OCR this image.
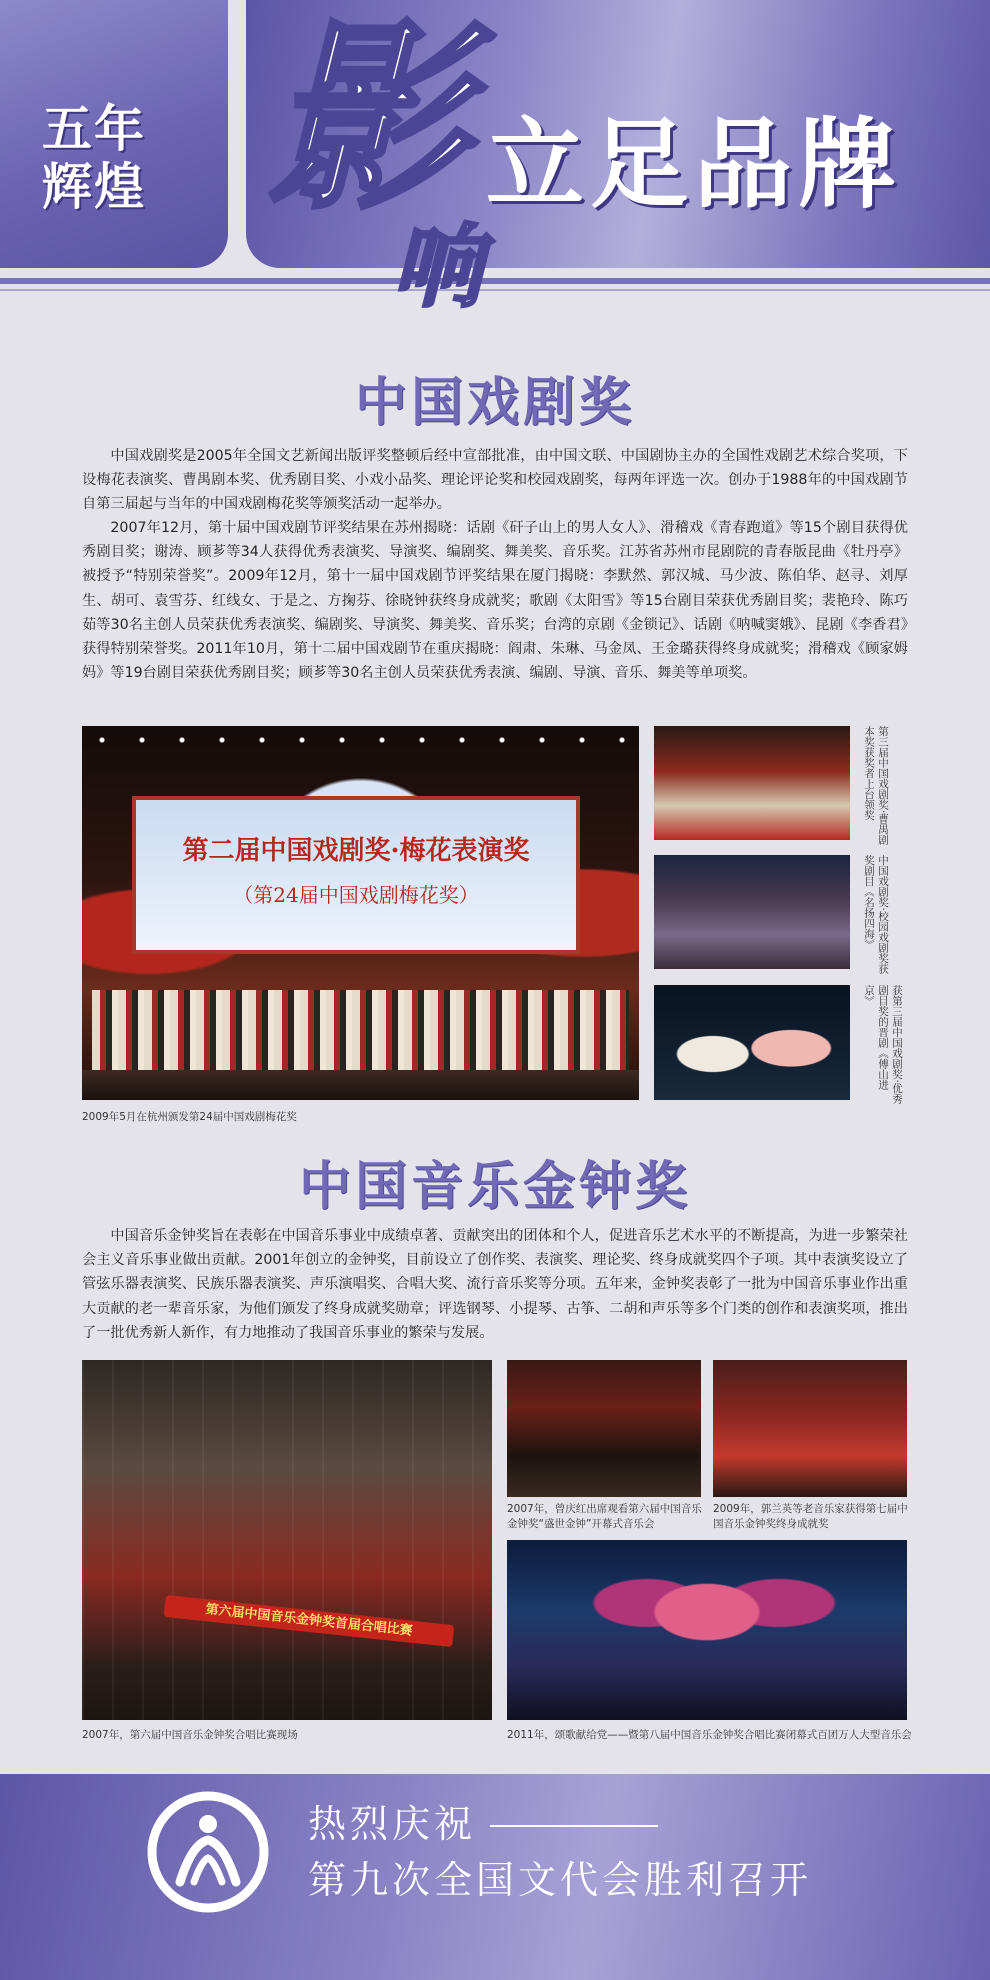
五年
辉煌 影
响
立足品牌
中国戏剧奖

中国戏剧奖是2005年全国文艺新闻出版评奖整顿后经中宣部批准，由中国文联、中国剧协主办的全国性戏剧艺术综合奖项，下设梅花表演奖、曹禺剧本奖、优秀剧目奖、小戏小品奖、理论评论奖和校园戏剧奖，每两年评选一次。创办于1988年的中国戏剧节自第三届起与当年的中国戏剧梅花奖等颁奖活动一起举办。

2007年12月，第十届中国戏剧节评奖结果在苏州揭晓：话剧《矸子山上的男人女人》、滑稽戏《青春跑道》等15个剧目获得优秀剧目奖；谢涛、顾芗等34人获得优秀表演奖、导演奖、编剧奖、舞美奖、音乐奖。江苏省苏州市昆剧院的青春版昆曲《牡丹亭》被授予“特别荣誉奖”。2009年12月，第十一届中国戏剧节评奖结果在厦门揭晓：李默然、郭汉城、马少波、陈伯华、赵寻、刘厚生、胡可、袁雪芬、红线女、于是之、方掬芬、徐晓钟获终身成就奖；歌剧《太阳雪》等15台剧目荣获优秀剧目奖；裴艳玲、陈巧茹等30名主创人员荣获优秀表演奖、编剧奖、导演奖、舞美奖、音乐奖；台湾的京剧《金锁记》、话剧《呐喊窦娥》、昆剧《李香君》获得特别荣誉奖。2011年10月，第十二届中国戏剧节在重庆揭晓：阎肃、朱琳、马金凤、王金璐获得终身成就奖；滑稽戏《顾家姆妈》等19台剧目荣获优秀剧目奖；顾芗等30名主创人员荣获优秀表演、编剧、导演、音乐、舞美等单项奖。

第二届中国戏剧奖·梅花表演奖
（第24届中国戏剧梅花奖）

2009年5月在杭州颁发第24届中国戏剧梅花奖

第三届中国戏剧奖·曹禺剧本奖获奖者上台领奖

中国戏剧奖·校园戏剧奖获奖剧目《名扬四海》

获第三届中国戏剧奖·优秀剧目奖的晋剧《傅山进京》

中国音乐金钟奖

中国音乐金钟奖旨在表彰在中国音乐事业中成绩卓著、贡献突出的团体和个人，促进音乐艺术水平的不断提高，为进一步繁荣社会主义音乐事业做出贡献。2001年创立的金钟奖，目前设立了创作奖、表演奖、理论奖、终身成就奖四个子项。其中表演奖设立了管弦乐器表演奖、民族乐器表演奖、声乐演唱奖、合唱大奖、流行音乐奖等分项。五年来，金钟奖表彰了一批为中国音乐事业作出重大贡献的老一辈音乐家，为他们颁发了终身成就奖勋章；评选钢琴、小提琴、古筝、二胡和声乐等多个门类的创作和表演奖项，推出了一批优秀新人新作，有力地推动了我国音乐事业的繁荣与发展。

第六届中国音乐金钟奖首届合唱比赛

2007年，第六届中国音乐金钟奖合唱比赛现场

2007年，曾庆红出席观看第六届中国音乐金钟奖“盛世金钟”开幕式音乐会

2009年，郭兰英等老音乐家获得第七届中国音乐金钟奖终身成就奖

2011年，颂歌献给党——暨第八届中国音乐金钟奖合唱比赛闭幕式百团万人大型音乐会

热烈庆祝
第九次全国文代会胜利召开
